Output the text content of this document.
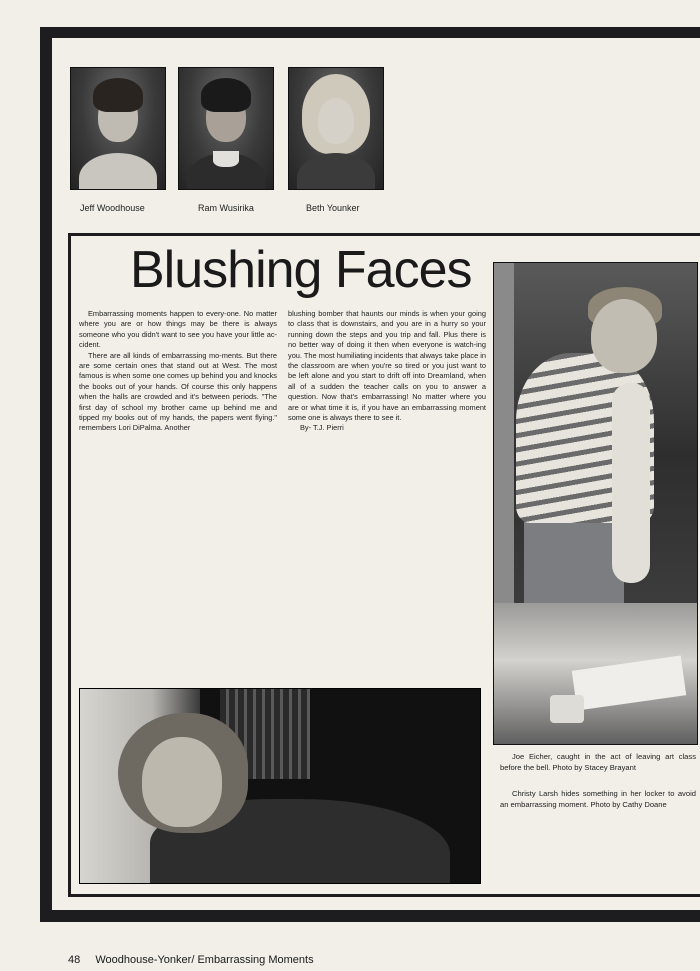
Jeff Woodhouse	Ram Wusirika	Beth Younker
Blushing Faces

Embarrassing moments happen to every-one. No matter where you are or how things may be there is always someone who you didn't want to see you have your little ac-cident.

There are all kinds of embarrassing mo-ments. But there are some certain ones that stand out at West. The most famous is when some one comes up behind you and knocks the books out of your hands. Of course this only happens when the halls are crowded and it's between periods. "The first day of school my brother came up behind me and tipped my books out of my hands, the papers went flying." remembers Lori DiPalma. Another

blushing bomber that haunts our minds is when your going to class that is downstairs, and you are in a hurry so your running down the steps and you trip and fall. Plus there is no better way of doing it then when everyone is watch-ing you. The most humiliating incidents that always take place in the classroom are when you're so tired or you just want to be left alone and you start to drift off into Dreamland, when all of a sudden the teacher calls on you to answer a question. Now that's embarrassing! No matter where you are or what time it is, if you have an embarrassing moment some one is always there to see it.

By- T.J. Pierri

Joe Eicher, caught in the act of leaving art class before the bell. Photo by Stacey Brayant
Christy Larsh hides something in her locker to avoid an embarrassing moment. Photo by Cathy Doane
48 Woodhouse-Yonker/ Embarrassing Moments
